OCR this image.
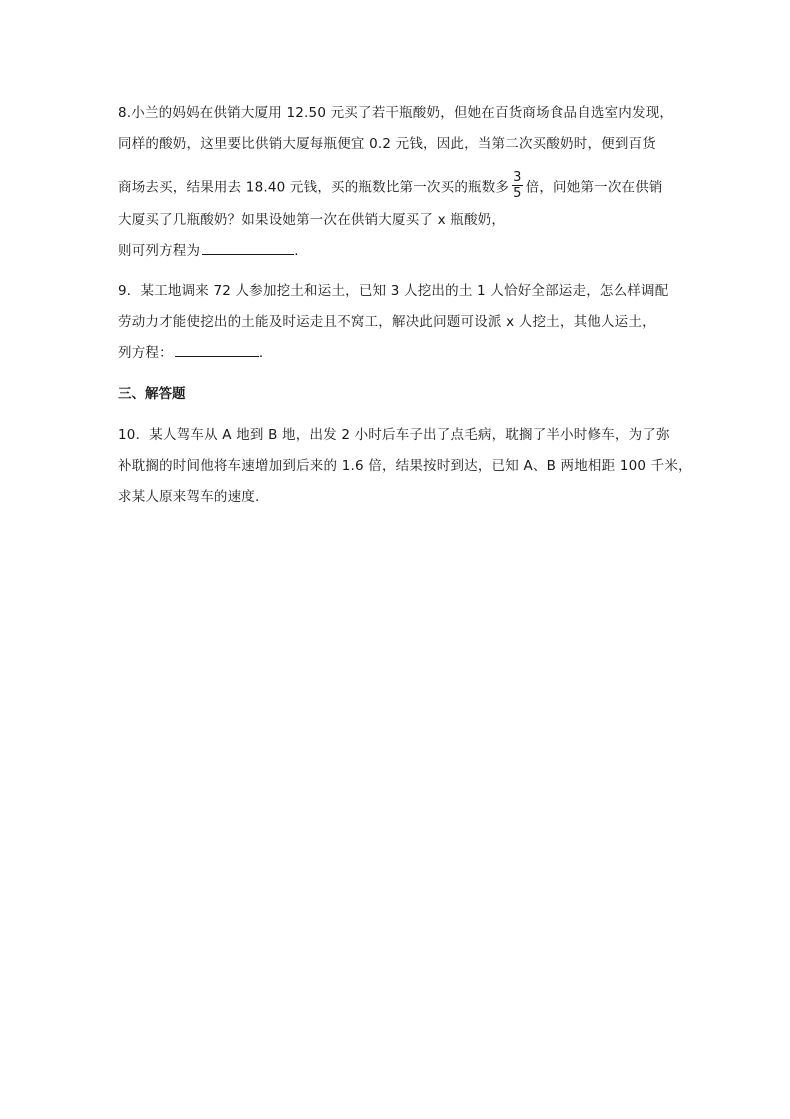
8.小兰的妈妈在供销大厦用 12.50 元买了若干瓶酸奶，但她在百货商场食品自选室内发现，
同样的酸奶，这里要比供销大厦每瓶便宜 0.2 元钱，因此，当第二次买酸奶时，便到百货
商场去买，结果用去 18.40 元钱，买的瓶数比第一次买的瓶数多 $\frac{3}{5}$ 倍，问她第一次在供销
大厦买了几瓶酸奶？如果设她第一次在供销大厦买了 x 瓶酸奶，
则可列方程为	.
9．某工地调来 72 人参加挖土和运土，已知 3 人挖出的土 1 人恰好全部运走，怎么样调配
劳动力才能使挖出的土能及时运走且不窝工，解决此问题可设派 x 人挖土，其他人运土，
列方程：	.
三、解答题
10．某人驾车从 A 地到 B 地，出发 2 小时后车子出了点毛病，耽搁了半小时修车，为了弥
补耽搁的时间他将车速增加到后来的 1.6 倍，结果按时到达，已知 A、B 两地相距 100 千米，
求某人原来驾车的速度.
